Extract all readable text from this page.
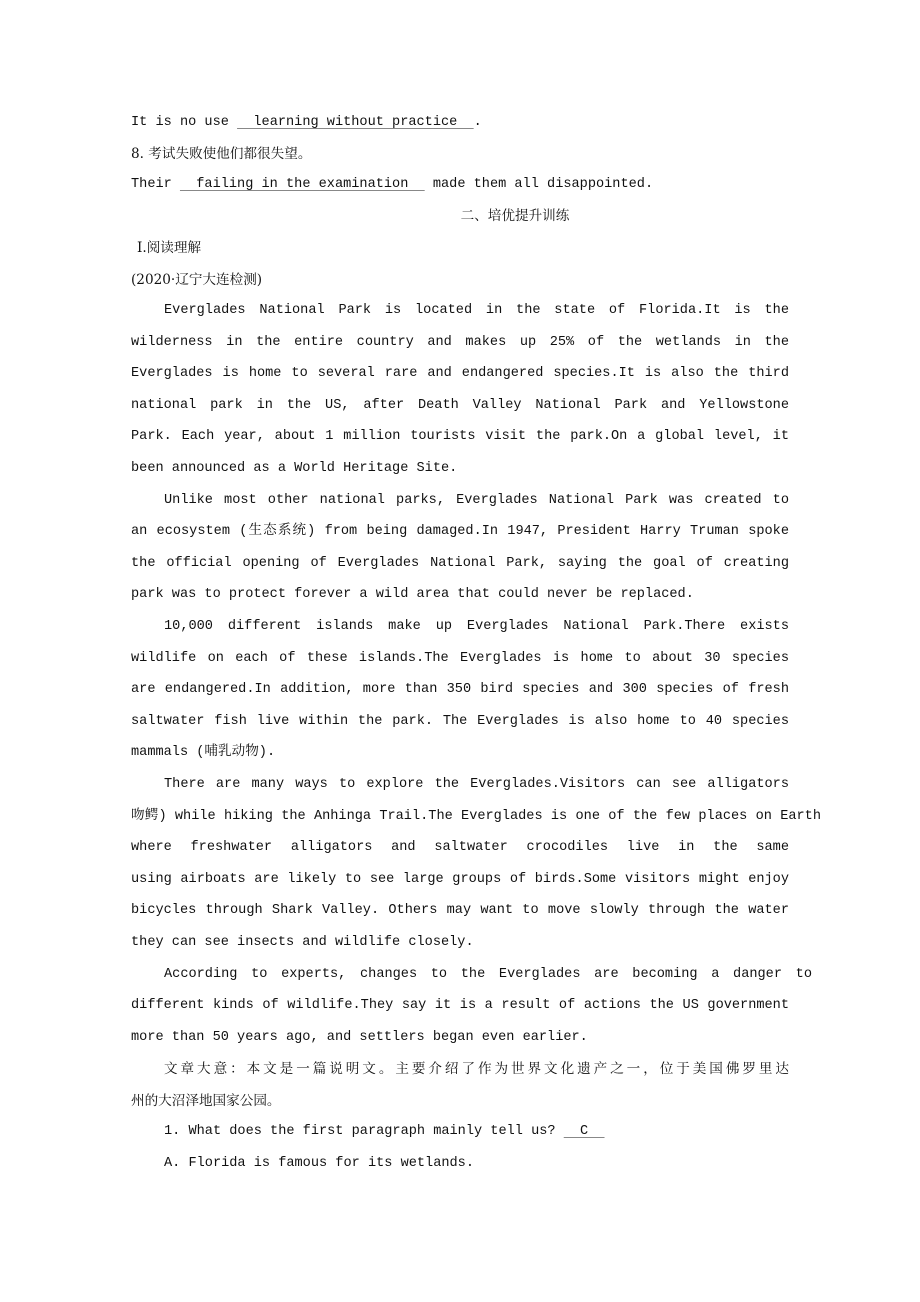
It is no use   learning without practice  .
8. 考试失败使他们都很失望。
Their   failing in the examination   made them all disappointed.
二、培优提升训练
Ⅰ.阅读理解
(2020·辽宁大连检测)
Everglades National Park is located in the state of Florida.It is the
wilderness in the entire country and makes up 25% of the wetlands in the
Everglades is home to several rare and endangered species.It is also the third
national park in the US, after Death Valley National Park and Yellowstone
Park. Each year, about 1 million tourists visit the park.On a global level, it
been announced as a World Heritage Site.
Unlike most other national parks, Everglades National Park was created to
an ecosystem (生态系统) from being damaged.In 1947, President Harry Truman spoke
the official opening of Everglades National Park, saying the goal of creating
park was to protect forever a wild area that could never be replaced.
10,000 different islands make up Everglades National Park.There exists
wildlife on each of these islands.The Everglades is home to about 30 species
are endangered.In addition, more than 350 bird species and 300 species of fresh
saltwater fish live within the park. The Everglades is also home to 40 species
mammals (哺乳动物).
There are many ways to explore the Everglades.Visitors can see alligators
吻鳄) while hiking the Anhinga Trail.The Everglades is one of the few places on Earth
where freshwater alligators and saltwater crocodiles live in the same
using airboats are likely to see large groups of birds.Some visitors might enjoy
bicycles through Shark Valley. Others may want to move slowly through the water
they can see insects and wildlife closely.
According to experts, changes to the Everglades are becoming a danger to
different kinds of wildlife.They say it is a result of actions the US government
more than 50 years ago, and settlers began even earlier.
文章大意：本文是一篇说明文。主要介绍了作为世界文化遗产之一，位于美国佛罗里达
州的大沼泽地国家公园。
1. What does the first paragraph mainly tell us?   C
A. Florida is famous for its wetlands.
